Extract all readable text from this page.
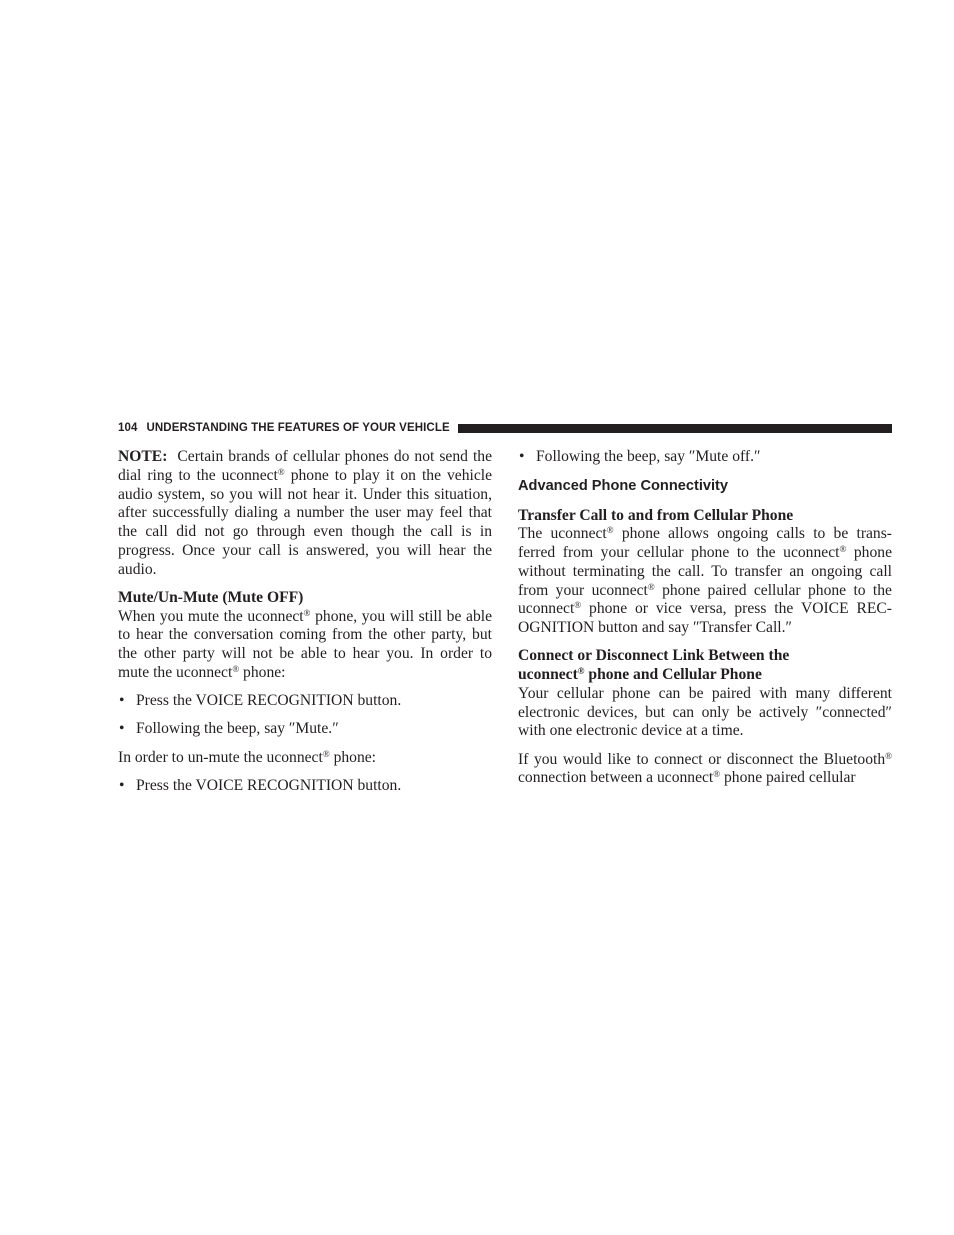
104 UNDERSTANDING THE FEATURES OF YOUR VEHICLE

NOTE:  Certain brands of cellular phones do not send the dial ring to the uconnect® phone to play it on the vehicle audio system, so you will not hear it. Under this situation, after successfully dialing a number the user may feel that the call did not go through even though the call is in progress. Once your call is answered, you will hear the audio.

Mute/Un-Mute (Mute OFF)

When you mute the uconnect® phone, you will still be able to hear the conversation coming from the other party, but the other party will not be able to hear you. In order to mute the uconnect® phone:

• Press the VOICE RECOGNITION button.
• Following the beep, say ″Mute.″

In order to un-mute the uconnect® phone:

• Press the VOICE RECOGNITION button.
• Following the beep, say ″Mute off.″
Advanced Phone Connectivity

Transfer Call to and from Cellular Phone

The uconnect® phone allows ongoing calls to be trans-ferred from your cellular phone to the uconnect® phone without terminating the call. To transfer an ongoing call from your uconnect® phone paired cellular phone to the uconnect® phone or vice versa, press the VOICE REC-OGNITION button and say ″Transfer Call.″

Connect or Disconnect Link Between the
uconnect® phone and Cellular Phone

Your cellular phone can be paired with many different electronic devices, but can only be actively ″connected″ with one electronic device at a time.

If you would like to connect or disconnect the Bluetooth® connection between a uconnect® phone paired cellular
